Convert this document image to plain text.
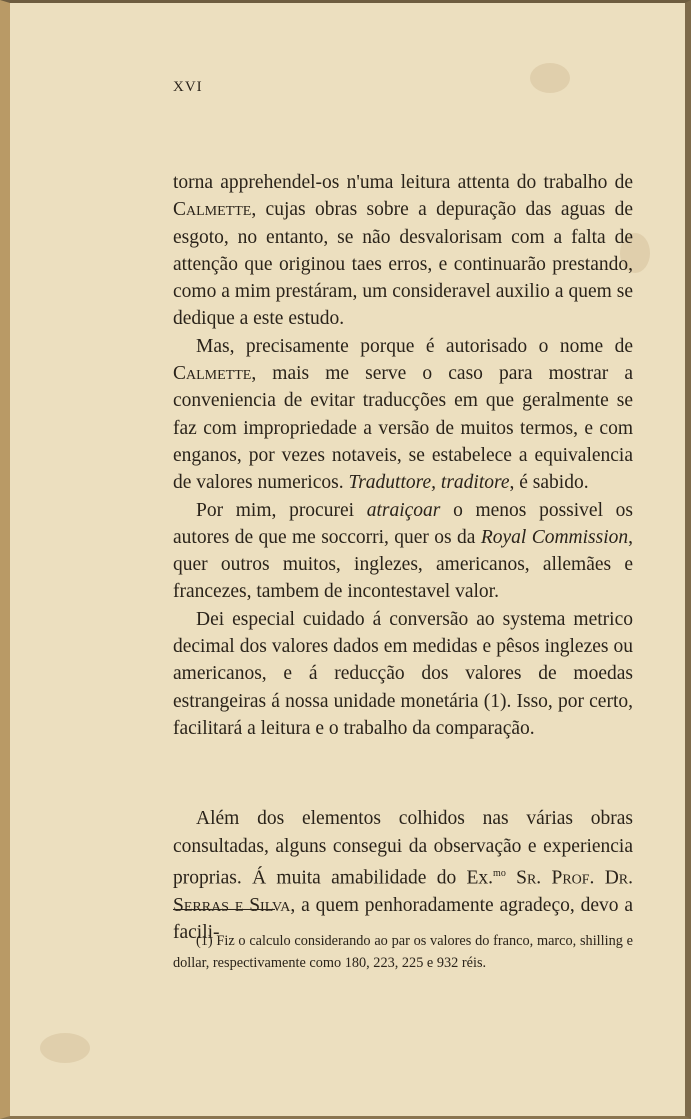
XVI

torna apprehendel-os n'uma leitura attenta do trabalho de Calmette, cujas obras sobre a depuração das aguas de esgoto, no entanto, se não desvalorisam com a falta de attenção que originou taes erros, e continuarão prestando, como a mim prestáram, um consideravel auxilio a quem se dedique a este estudo.

Mas, precisamente porque é autorisado o nome de Calmette, mais me serve o caso para mostrar a conveniencia de evitar traducções em que geralmente se faz com impropriedade a versão de muitos termos, e com enganos, por vezes notaveis, se estabelece a equivalencia de valores numericos. Traduttore, traditore, é sabido.

Por mim, procurei atraiçoar o menos possivel os autores de que me soccorri, quer os da Royal Commission, quer outros muitos, inglezes, americanos, allemães e francezes, tambem de incontestavel valor.

Dei especial cuidado á conversão ao systema metrico decimal dos valores dados em medidas e pêsos inglezes ou americanos, e á reducção dos valores de moedas estrangeiras á nossa unidade monetária (1). Isso, por certo, facilitará a leitura e o trabalho da comparação.

Além dos elementos colhidos nas várias obras consultadas, alguns consegui da observação e experiencia proprias. Á muita amabilidade do Ex.$^{mo}$ Sr. Prof. Dr. Serras e Silva, a quem penhoradamente agradeço, devo a facili-

(1) Fiz o calculo considerando ao par os valores do franco, marco, shilling e dollar, respectivamente como 180, 223, 225 e 932 réis.
